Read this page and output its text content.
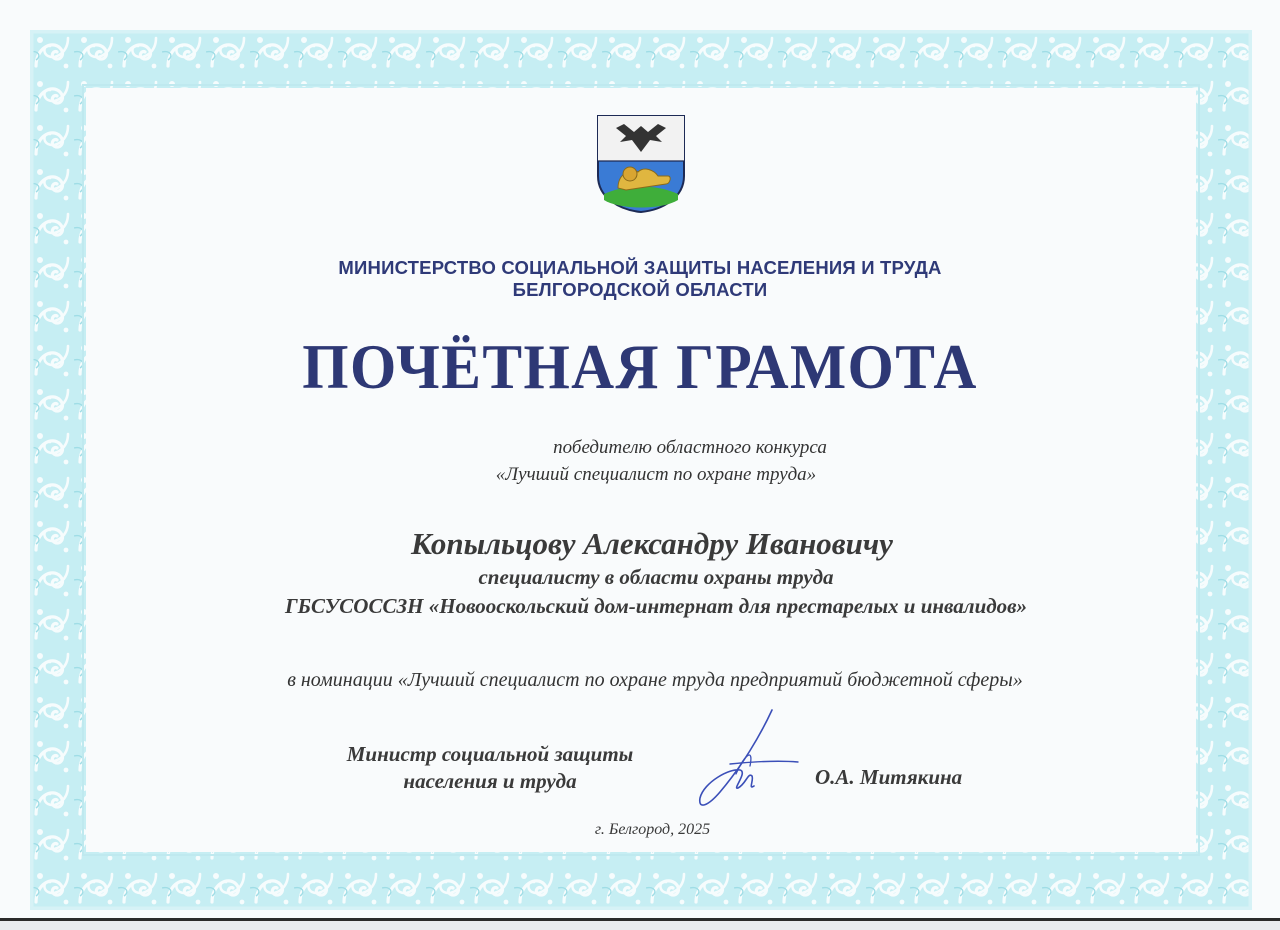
МИНИСТЕРСТВО СОЦИАЛЬНОЙ ЗАЩИТЫ НАСЕЛЕНИЯ И ТРУДА
БЕЛГОРОДСКОЙ ОБЛАСТИ
ПОЧЁТНАЯ ГРАМОТА
победителю областного конкурса
«Лучший специалист по охране труда»
Копыльцову Александру Ивановичу
специалисту в области охраны труда
ГБСУСОССЗН «Новооскольский дом-интернат для престарелых и инвалидов»
в номинации «Лучший специалист по охране труда предприятий бюджетной сферы»
Министр социальной защиты
населения и труда	О.А. Митякина
г. Белгород, 2025
